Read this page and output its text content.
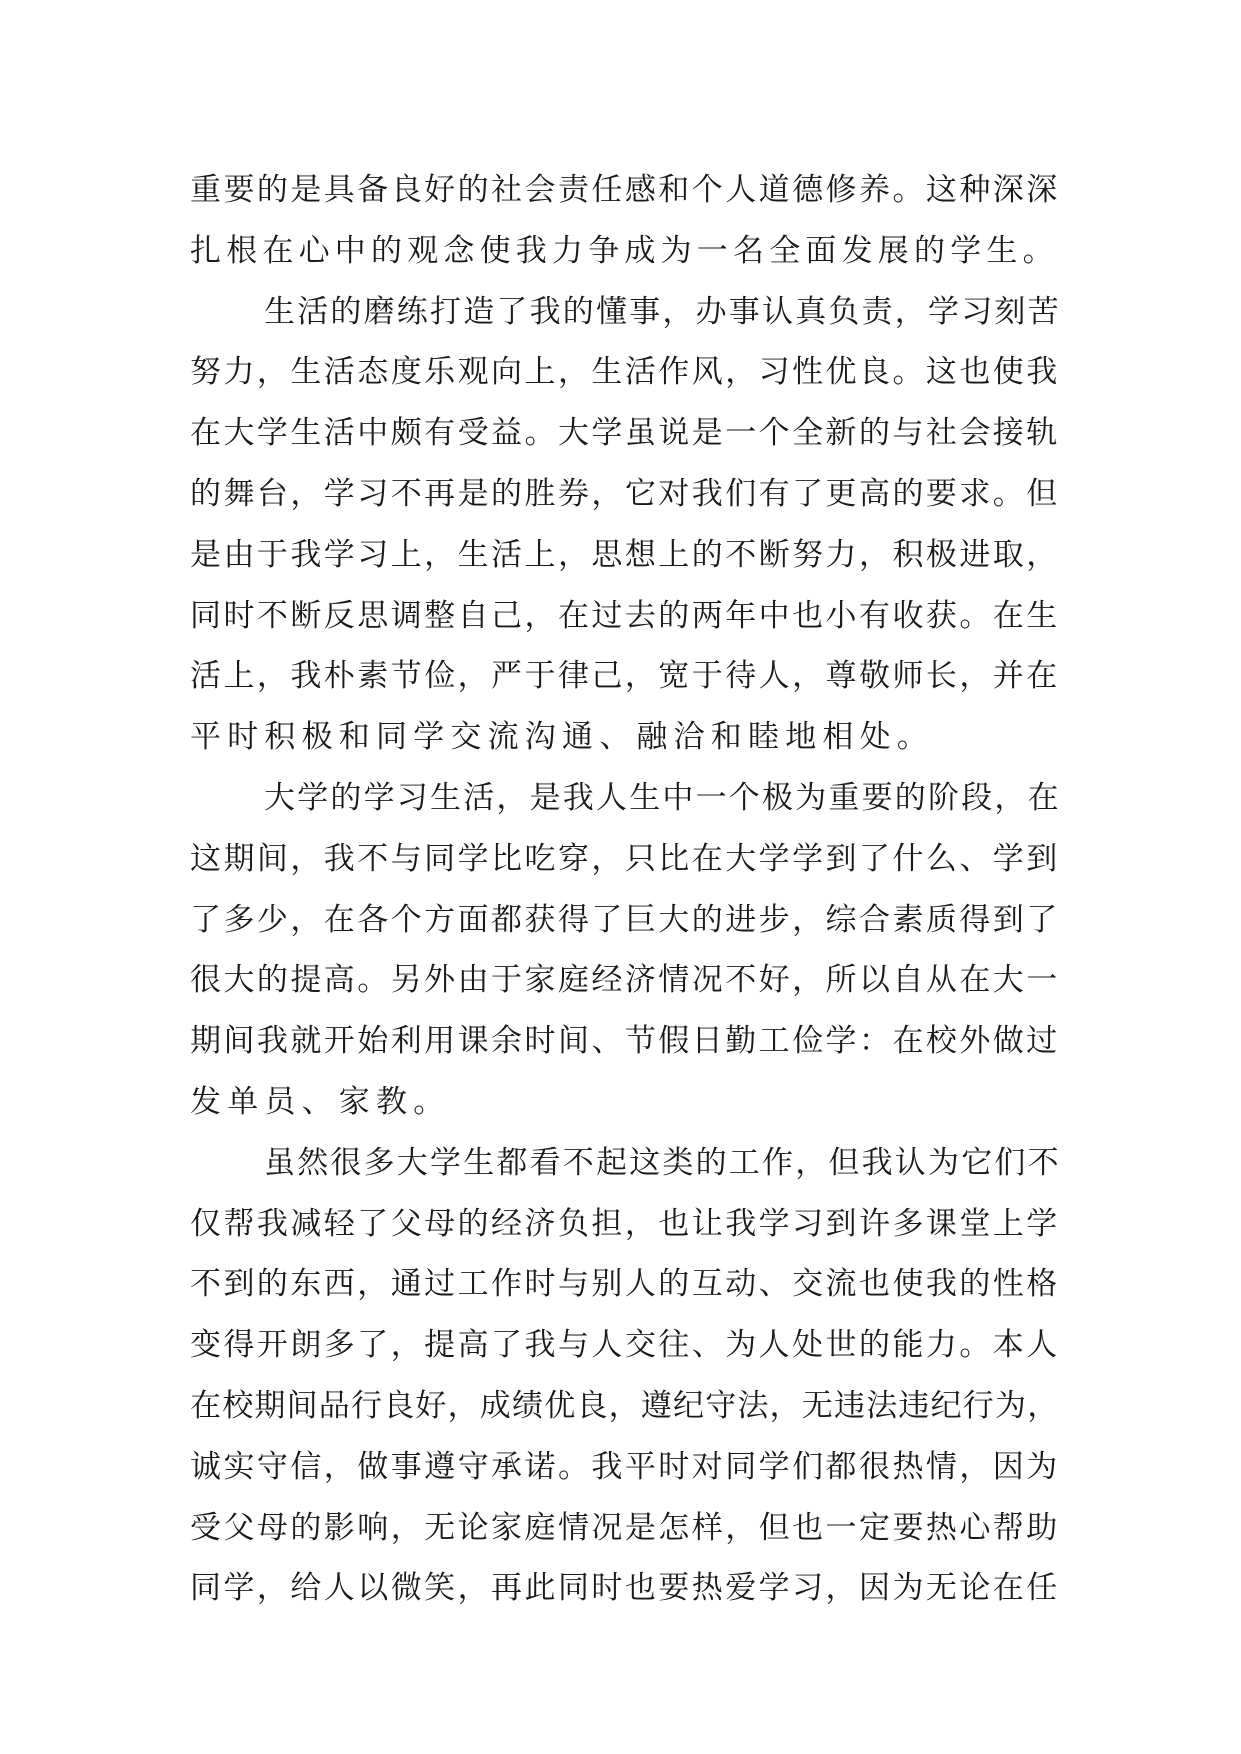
重要的是具备良好的社会责任感和个人道德修养。这种深深
扎根在心中的观念使我力争成为一名全面发展的学生。
生活的磨练打造了我的懂事，办事认真负责，学习刻苦
努力，生活态度乐观向上，生活作风，习性优良。这也使我
在大学生活中颇有受益。大学虽说是一个全新的与社会接轨
的舞台，学习不再是的胜券，它对我们有了更高的要求。但
是由于我学习上，生活上，思想上的不断努力，积极进取，
同时不断反思调整自己，在过去的两年中也小有收获。在生
活上，我朴素节俭，严于律己，宽于待人，尊敬师长，并在
平时积极和同学交流沟通、融洽和睦地相处。
大学的学习生活，是我人生中一个极为重要的阶段，在
这期间，我不与同学比吃穿，只比在大学学到了什么、学到
了多少，在各个方面都获得了巨大的进步，综合素质得到了
很大的提高。另外由于家庭经济情况不好，所以自从在大一
期间我就开始利用课余时间、节假日勤工俭学：在校外做过
发单员、家教。
虽然很多大学生都看不起这类的工作，但我认为它们不
仅帮我减轻了父母的经济负担，也让我学习到许多课堂上学
不到的东西，通过工作时与别人的互动、交流也使我的性格
变得开朗多了，提高了我与人交往、为人处世的能力。本人
在校期间品行良好，成绩优良，遵纪守法，无违法违纪行为，
诚实守信，做事遵守承诺。我平时对同学们都很热情，因为
受父母的影响，无论家庭情况是怎样，但也一定要热心帮助
同学，给人以微笑，再此同时也要热爱学习，因为无论在任
